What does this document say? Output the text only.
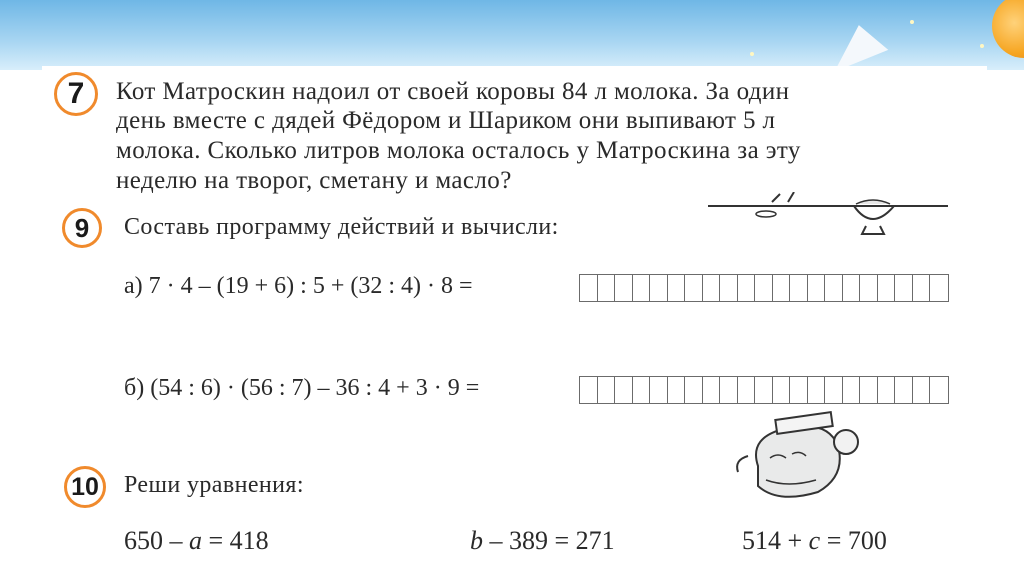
7	Кот Матроскин надоил от своей коровы 84 л молока. За один
день вместе с дядей Фёдором и Шариком они выпивают 5 л
молока. Сколько литров молока осталось у Матроскина за эту
неделю на творог, сметану и масло?
9	Составь программу действий и вычисли:
а) 7 · 4 – (19 + 6) : 5 + (32 : 4) · 8 =
б) (54 : 6) · (56 : 7) – 36 : 4 + 3 · 9 =
10 Реши уравнения:
650 – a = 418	b – 389 = 271	514 + c = 700
